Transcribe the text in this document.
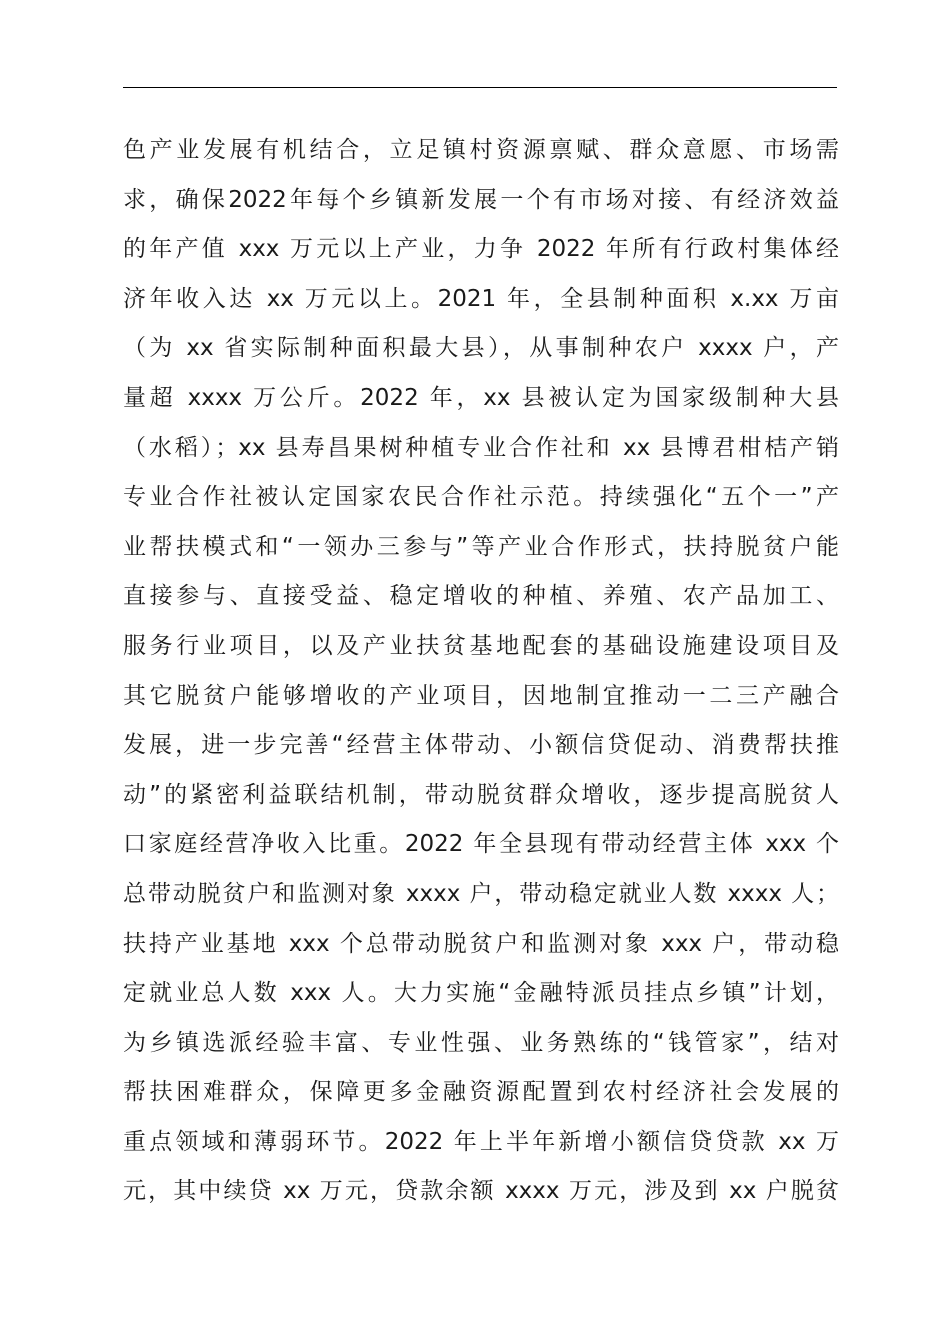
色产业发展有机结合，立足镇村资源禀赋、群众意愿、市场需
求，确保2022年每个乡镇新发展一个有市场对接、有经济效益
的年产值 xxx 万元以上产业，力争 2022 年所有行政村集体经
济年收入达 xx 万元以上。2021 年，全县制种面积 x.xx 万亩
（为 xx 省实际制种面积最大县），从事制种农户 xxxx 户，产
量超 xxxx 万公斤。2022 年，xx 县被认定为国家级制种大县
（水稻）；xx 县寿昌果树种植专业合作社和 xx 县博君柑桔产销
专业合作社被认定国家农民合作社示范。持续强化“五个一”产
业帮扶模式和“一领办三参与”等产业合作形式，扶持脱贫户能
直接参与、直接受益、稳定增收的种植、养殖、农产品加工、
服务行业项目，以及产业扶贫基地配套的基础设施建设项目及
其它脱贫户能够增收的产业项目，因地制宜推动一二三产融合
发展，进一步完善“经营主体带动、小额信贷促动、消费帮扶推
动”的紧密利益联结机制，带动脱贫群众增收，逐步提高脱贫人
口家庭经营净收入比重。2022 年全县现有带动经营主体 xxx 个
总带动脱贫户和监测对象 xxxx 户，带动稳定就业人数 xxxx 人；
扶持产业基地 xxx 个总带动脱贫户和监测对象 xxx 户，带动稳
定就业总人数 xxx 人。大力实施“金融特派员挂点乡镇”计划，
为乡镇选派经验丰富、专业性强、业务熟练的“钱管家”，结对
帮扶困难群众，保障更多金融资源配置到农村经济社会发展的
重点领域和薄弱环节。2022 年上半年新增小额信贷贷款 xx 万
元，其中续贷 xx 万元，贷款余额 xxxx 万元，涉及到 xx 户脱贫
